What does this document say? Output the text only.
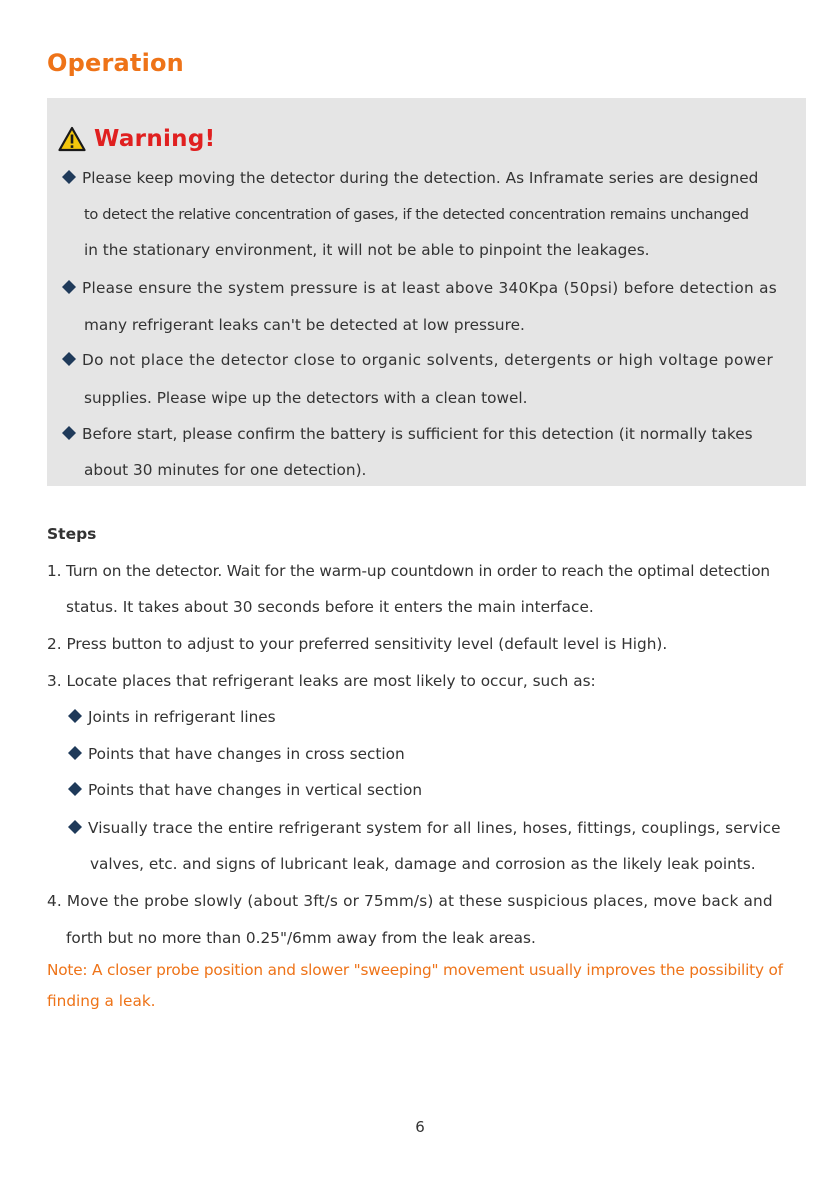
Operation
Warning!
Please keep moving the detector during the detection. As Inframate series are designed
to detect the relative concentration of gases, if the detected concentration remains unchanged
in the stationary environment, it will not be able to pinpoint the leakages.
Please ensure the system pressure is at least above 340Kpa (50psi) before detection as
many refrigerant leaks can't be detected at low pressure.
Do not place the detector close to organic solvents, detergents or high voltage power
supplies. Please wipe up the detectors with a clean towel.
Before start, please confirm the battery is sufficient for this detection (it normally takes
about 30 minutes for one detection).
Steps
1. Turn on the detector. Wait for the warm-up countdown in order to reach the optimal detection
status. It takes about 30 seconds before it enters the main interface.
2. Press button to adjust to your preferred sensitivity level (default level is High).
3. Locate places that refrigerant leaks are most likely to occur, such as:
Joints in refrigerant lines
Points that have changes in cross section
Points that have changes in vertical section
Visually trace the entire refrigerant system for all lines, hoses, fittings, couplings, service
valves, etc. and signs of lubricant leak, damage and corrosion as the likely leak points.
4. Move the probe slowly (about 3ft/s or 75mm/s) at these suspicious places, move back and
forth but no more than 0.25"/6mm away from the leak areas.
Note: A closer probe position and slower "sweeping" movement usually improves the possibility of
finding a leak.
6
